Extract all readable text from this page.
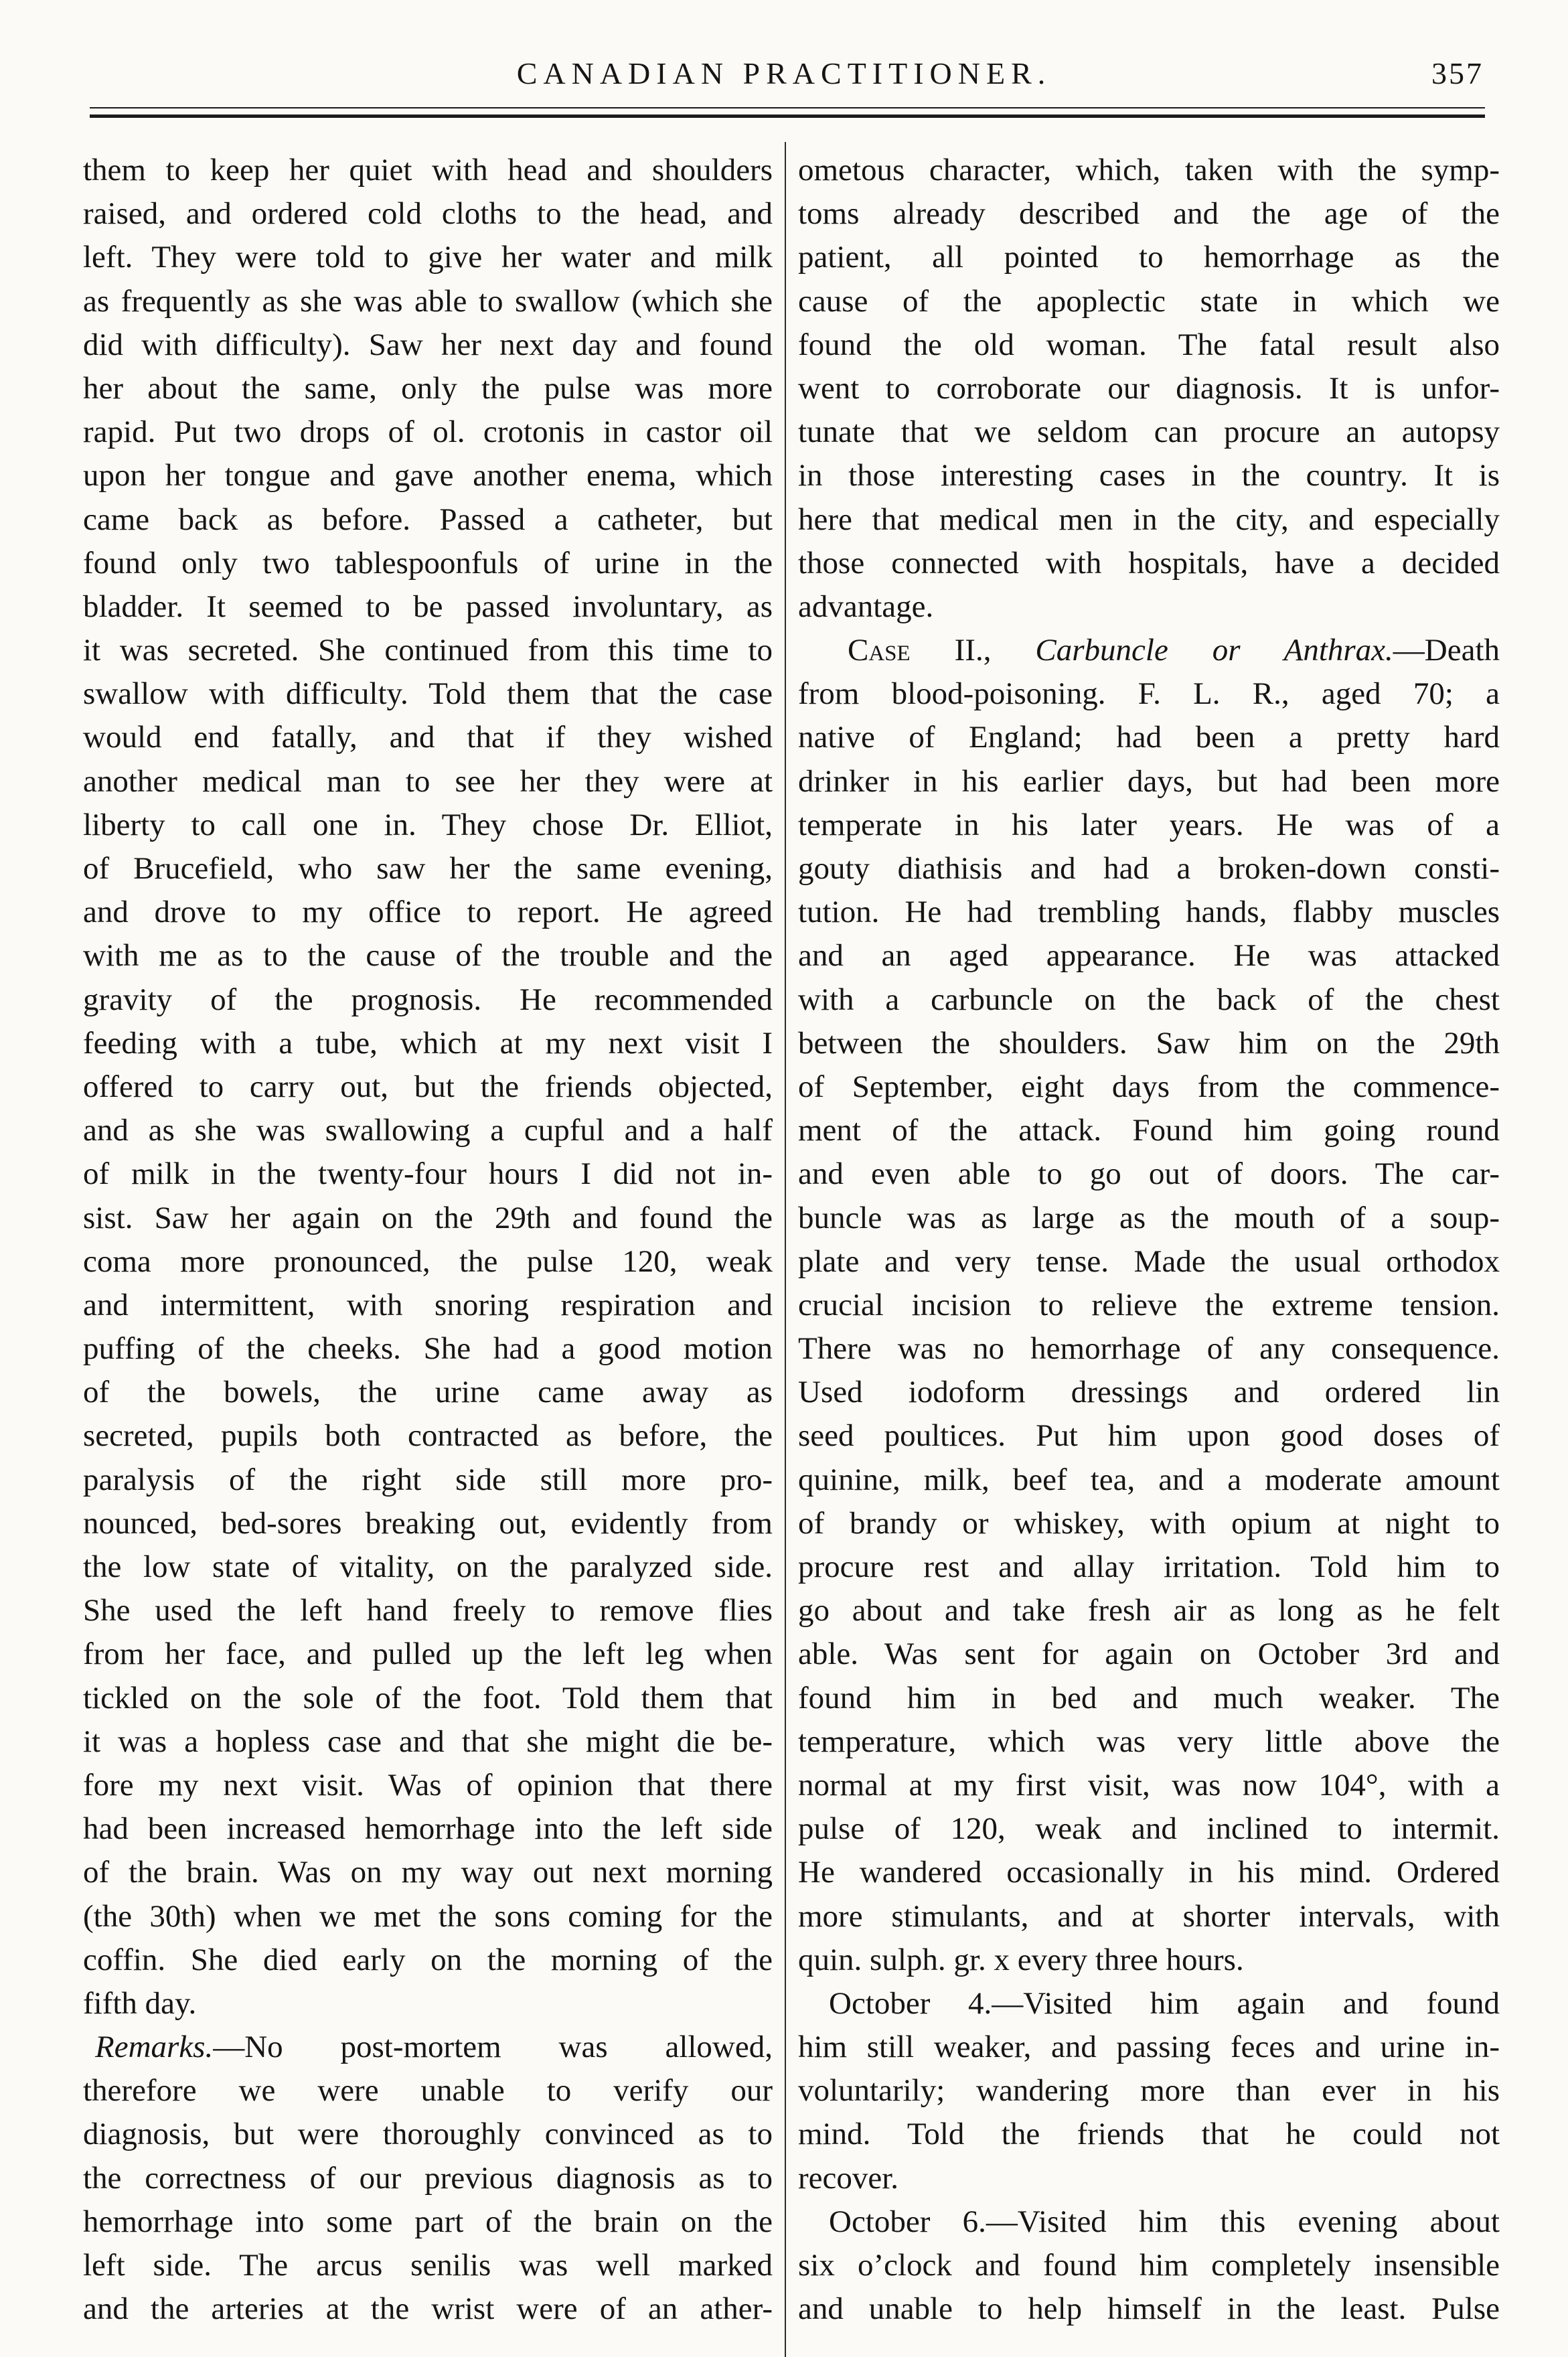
CANADIAN PRACTITIONER.	357
them to keep her quiet with head and shoulders
raised, and ordered cold cloths to the head, and
left. They were told to give her water and milk
as frequently as she was able to swallow (which she
did with difficulty). Saw her next day and found
her about the same, only the pulse was more
rapid. Put two drops of ol. crotonis in castor oil
upon her tongue and gave another enema, which
came back as before. Passed a catheter, but
found only two tablespoonfuls of urine in the
bladder. It seemed to be passed involuntary, as
it was secreted. She continued from this time to
swallow with difficulty. Told them that the case
would end fatally, and that if they wished
another medical man to see her they were at
liberty to call one in. They chose Dr. Elliot,
of Brucefield, who saw her the same evening,
and drove to my office to report. He agreed
with me as to the cause of the trouble and the
gravity of the prognosis. He recommended
feeding with a tube, which at my next visit I
offered to carry out, but the friends objected,
and as she was swallowing a cupful and a half
of milk in the twenty-four hours I did not in-
sist. Saw her again on the 29th and found the
coma more pronounced, the pulse 120, weak
and intermittent, with snoring respiration and
puffing of the cheeks. She had a good motion
of the bowels, the urine came away as
secreted, pupils both contracted as before, the
paralysis of the right side still more pro-
nounced, bed-sores breaking out, evidently from
the low state of vitality, on the paralyzed side.
She used the left hand freely to remove flies
from her face, and pulled up the left leg when
tickled on the sole of the foot. Told them that
it was a hopless case and that she might die be-
fore my next visit. Was of opinion that there
had been increased hemorrhage into the left side
of the brain. Was on my way out next morning
(the 30th) when we met the sons coming for the
coffin. She died early on the morning of the
fifth day.
Remarks.—No post-mortem was allowed,
therefore we were unable to verify our
diagnosis, but were thoroughly convinced as to
the correctness of our previous diagnosis as to
hemorrhage into some part of the brain on the
left side. The arcus senilis was well marked
and the arteries at the wrist were of an ather-
ometous character, which, taken with the symp-
toms already described and the age of the
patient, all pointed to hemorrhage as the
cause of the apoplectic state in which we
found the old woman. The fatal result also
went to corroborate our diagnosis. It is unfor-
tunate that we seldom can procure an autopsy
in those interesting cases in the country. It is
here that medical men in the city, and especially
those connected with hospitals, have a decided
advantage.
Case II., Carbuncle or Anthrax.—Death
from blood-poisoning. F. L. R., aged 70; a
native of England; had been a pretty hard
drinker in his earlier days, but had been more
temperate in his later years. He was of a
gouty diathisis and had a broken-down consti-
tution. He had trembling hands, flabby muscles
and an aged appearance. He was attacked
with a carbuncle on the back of the chest
between the shoulders. Saw him on the 29th
of September, eight days from the commence-
ment of the attack. Found him going round
and even able to go out of doors. The car-
buncle was as large as the mouth of a soup-
plate and very tense. Made the usual orthodox
crucial incision to relieve the extreme tension.
There was no hemorrhage of any consequence.
Used iodoform dressings and ordered lin
seed poultices. Put him upon good doses of
quinine, milk, beef tea, and a moderate amount
of brandy or whiskey, with opium at night to
procure rest and allay irritation. Told him to
go about and take fresh air as long as he felt
able. Was sent for again on October 3rd and
found him in bed and much weaker. The
temperature, which was very little above the
normal at my first visit, was now 104°, with a
pulse of 120, weak and inclined to intermit.
He wandered occasionally in his mind. Ordered
more stimulants, and at shorter intervals, with
quin. sulph. gr. x every three hours.
October 4.—Visited him again and found
him still weaker, and passing feces and urine in-
voluntarily; wandering more than ever in his
mind. Told the friends that he could not
recover.
October 6.—Visited him this evening about
six o’clock and found him completely insensible
and unable to help himself in the least. Pulse
